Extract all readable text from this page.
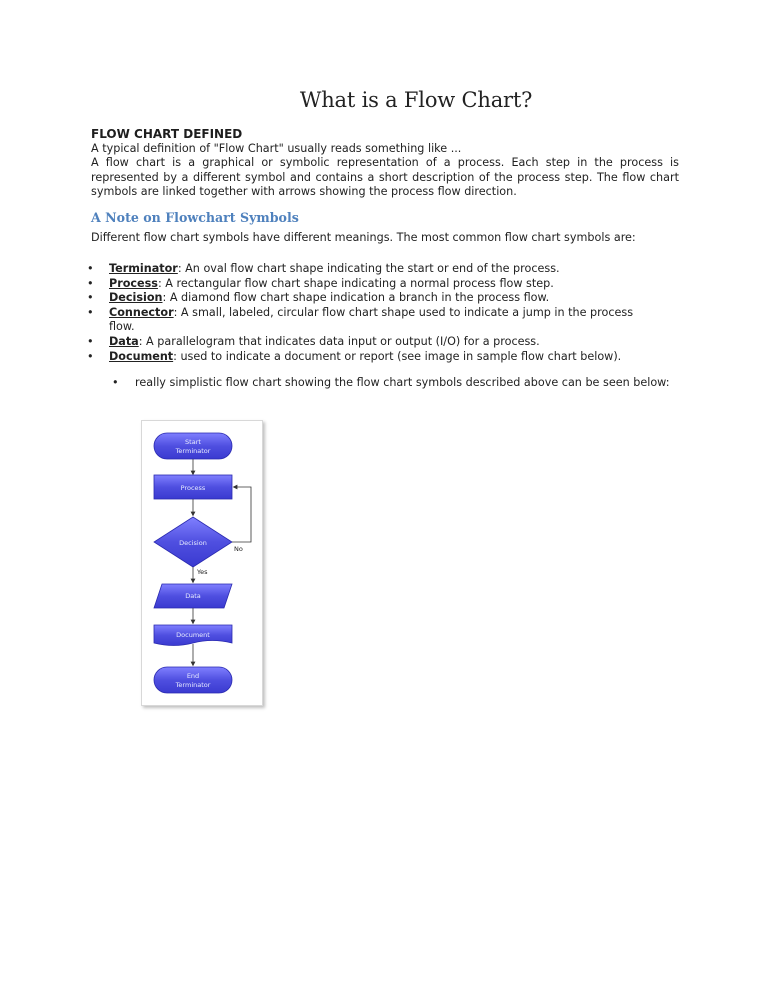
What is a Flow Chart?
FLOW CHART DEFINED
A typical definition of "Flow Chart" usually reads something like ...
A flow chart is a graphical or symbolic representation of a process. Each step in the process is represented by a different symbol and contains a short description of the process step. The flow chart symbols are linked together with arrows showing the process flow direction.
A Note on Flowchart Symbols
Different flow chart symbols have different meanings. The most common flow chart symbols are:
• Terminator: An oval flow chart shape indicating the start or end of the process.
• Process: A rectangular flow chart shape indicating a normal process flow step.
• Decision: A diamond flow chart shape indication a branch in the process flow.
• Connector: A small, labeled, circular flow chart shape used to indicate a jump in the process flow.
• Data: A parallelogram that indicates data input or output (I/O) for a process.
• Document: used to indicate a document or report (see image in sample flow chart below).
• really simplistic flow chart showing the flow chart symbols described above can be seen below:
Start
Terminator
Process
Decision
No
Yes
Data
Document
End
Terminator
